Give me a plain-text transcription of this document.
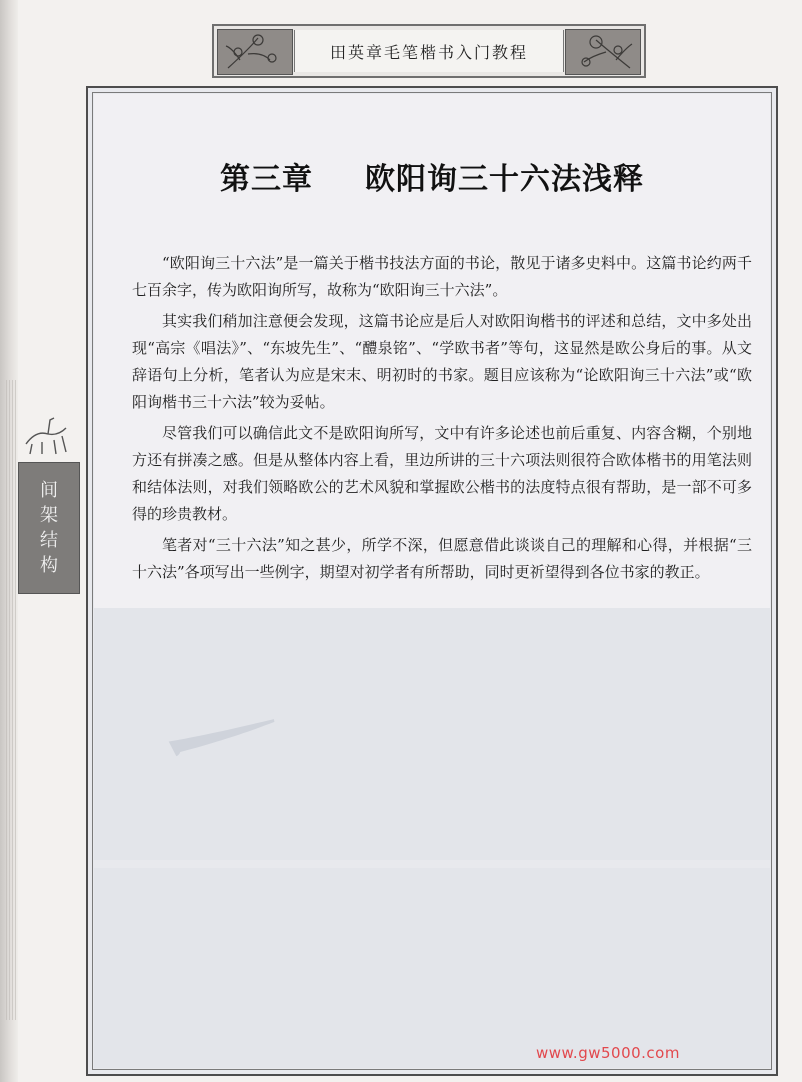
田英章毛笔楷书入门教程
间
架
结
构
㇀
第三章 欧阳询三十六法浅释

“欧阳询三十六法”是一篇关于楷书技法方面的书论，散见于诸多史料中。这篇书论约两千七百余字，传为欧阳询所写，故称为“欧阳询三十六法”。

其实我们稍加注意便会发现，这篇书论应是后人对欧阳询楷书的评述和总结，文中多处出现“高宗《唱法》”、“东坡先生”、“醴泉铭”、“学欧书者”等句，这显然是欧公身后的事。从文辞语句上分析，笔者认为应是宋末、明初时的书家。题目应该称为“论欧阳询三十六法”或“欧阳询楷书三十六法”较为妥帖。

尽管我们可以确信此文不是欧阳询所写，文中有许多论述也前后重复、内容含糊，个别地方还有拼凑之感。但是从整体内容上看，里边所讲的三十六项法则很符合欧体楷书的用笔法则和结体法则，对我们领略欧公的艺术风貌和掌握欧公楷书的法度特点很有帮助，是一部不可多得的珍贵教材。

笔者对“三十六法”知之甚少，所学不深，但愿意借此谈谈自己的理解和心得，并根据“三十六法”各项写出一些例字，期望对初学者有所帮助，同时更祈望得到各位书家的教正。

www.gw5000.com
